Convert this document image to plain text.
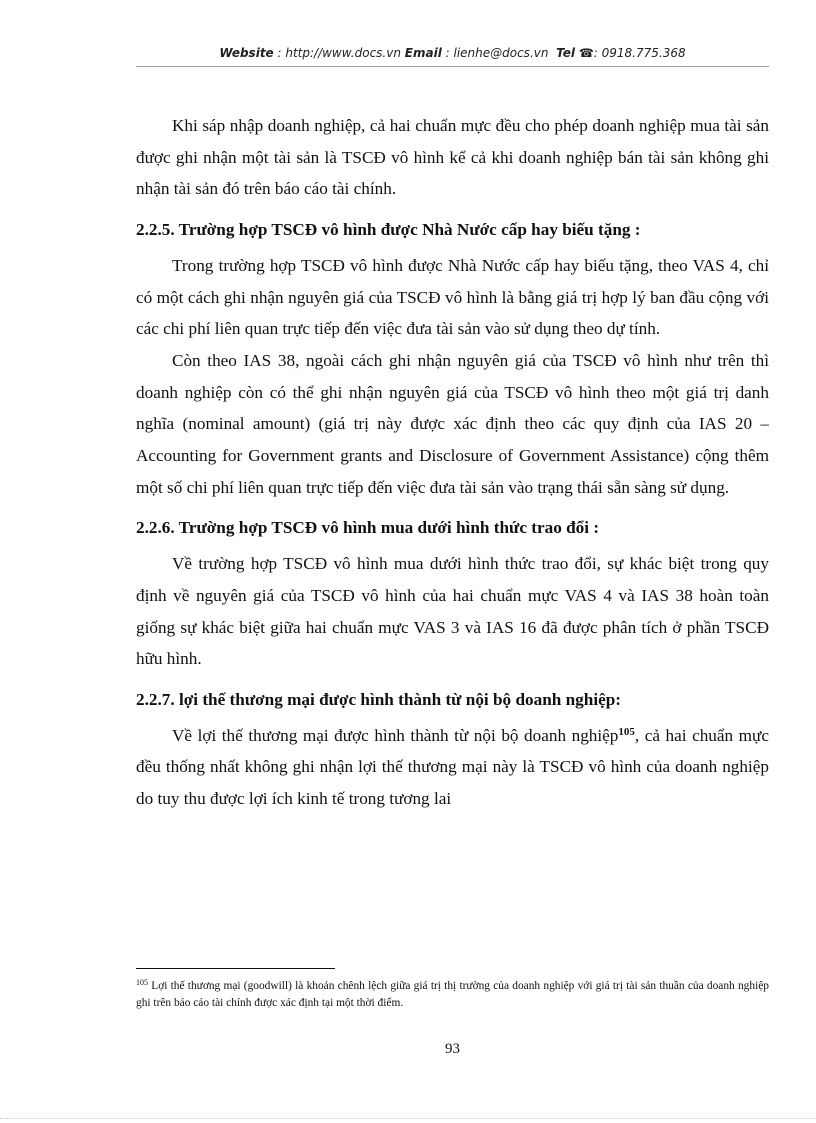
Website : http://www.docs.vn Email : lienhe@docs.vn Tel ☎: 0918.775.368

Khi sáp nhập doanh nghiệp, cả hai chuẩn mực đều cho phép doanh nghiệp mua tài sản được ghi nhận một tài sản là TSCĐ vô hình kể cả khi doanh nghiệp bán tài sản không ghi nhận tài sản đó trên báo cáo tài chính.

2.2.5. Trường hợp TSCĐ vô hình được Nhà Nước cấp hay biếu tặng :

Trong trường hợp TSCĐ vô hình được Nhà Nước cấp hay biếu tặng, theo VAS 4, chỉ có một cách ghi nhận nguyên giá của TSCĐ vô hình là bằng giá trị hợp lý ban đầu cộng với các chi phí liên quan trực tiếp đến việc đưa tài sản vào sử dụng theo dự tính.

Còn theo IAS 38, ngoài cách ghi nhận nguyên giá của TSCĐ vô hình như trên thì doanh nghiệp còn có thể ghi nhận nguyên giá của TSCĐ vô hình theo một giá trị danh nghĩa (nominal amount) (giá trị này được xác định theo các quy định của IAS 20 – Accounting for Government grants and Disclosure of Government Assistance) cộng thêm một số chi phí liên quan trực tiếp đến việc đưa tài sản vào trạng thái sẵn sàng sử dụng.

2.2.6. Trường hợp TSCĐ vô hình mua dưới hình thức trao đổi :

Về trường hợp TSCĐ vô hình mua dưới hình thức trao đổi, sự khác biệt trong quy định về nguyên giá của TSCĐ vô hình của hai chuẩn mực VAS 4 và IAS 38 hoàn toàn giống sự khác biệt giữa hai chuẩn mực VAS 3 và IAS 16 đã được phân tích ở phần TSCĐ hữu hình.

2.2.7. lợi thế thương mại được hình thành từ nội bộ doanh nghiệp:

Về lợi thế thương mại được hình thành từ nội bộ doanh nghiệp$^{105}$, cả hai chuẩn mực đều thống nhất không ghi nhận lợi thế thương mại này là TSCĐ vô hình của doanh nghiệp do tuy thu được lợi ích kinh tế trong tương lai

$^{105}$ Lợi thế thương mại (goodwill) là khoản chênh lệch giữa giá trị thị trường của doanh nghiệp với giá trị tài sản thuần của doanh nghiệp ghi trên báo cáo tài chính được xác định tại một thời điểm.
93
